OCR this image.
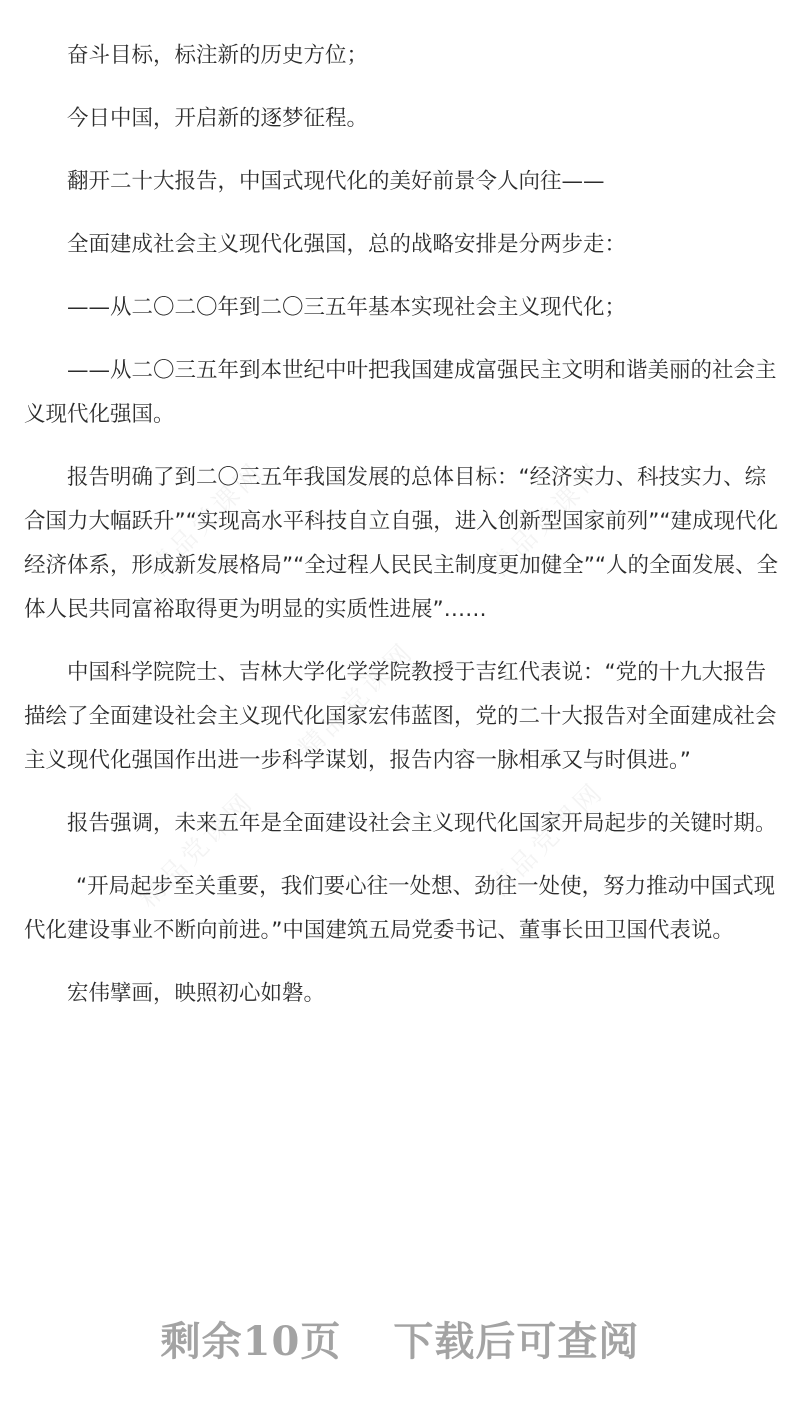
奋斗目标，标注新的历史方位；

今日中国，开启新的逐梦征程。

翻开二十大报告，中国式现代化的美好前景令人向往——

全面建成社会主义现代化强国，总的战略安排是分两步走：

——从二〇二〇年到二〇三五年基本实现社会主义现代化；

——从二〇三五年到本世纪中叶把我国建成富强民主文明和谐美丽的社会主义现代化强国。

报告明确了到二〇三五年我国发展的总体目标：“经济实力、科技实力、综合国力大幅跃升”“实现高水平科技自立自强，进入创新型国家前列”“建成现代化经济体系，形成新发展格局”“全过程人民民主制度更加健全”“人的全面发展、全体人民共同富裕取得更为明显的实质性进展”……

中国科学院院士、吉林大学化学学院教授于吉红代表说：“党的十九大报告描绘了全面建设社会主义现代化国家宏伟蓝图，党的二十大报告对全面建成社会主义现代化强国作出进一步科学谋划，报告内容一脉相承又与时俱进。”

报告强调，未来五年是全面建设社会主义现代化国家开局起步的关键时期。

“开局起步至关重要，我们要心往一处想、劲往一处使，努力推动中国式现代化建设事业不断向前进。”中国建筑五局党委书记、董事长田卫国代表说。

宏伟擘画，映照初心如磐。

精品党课网	精品党课网
精品党课网
精品党课网	精品党课网
剩余10页 下载后可查阅
